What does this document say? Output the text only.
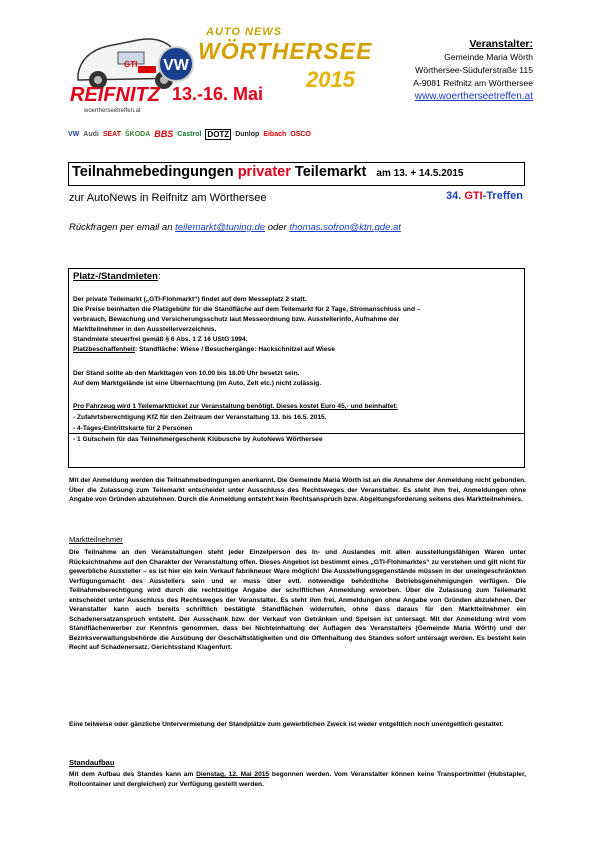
VW
GTI
AUTO NEWS
WÖRTHERSEE
2015
REIFNITZ 13.-16. Mai
woertherseetreffen.at
VW Audi SEAT ŠKODA BBS Castrol DOTZ Dunlop Eibach OSCO
Veranstalter:
Gemeinde Maria Wörth
Wörthersee-Süduferstraße 115
A-9081 Reifnitz am Wörthersee
www.woertherseetreffen.at
Teilnahmebedingungen privater Teilemarkt am 13. + 14.5.2015
zur AutoNews in Reifnitz am Wörthersee	34. GTI-Treffen
Rückfragen per email an teilemarkt@tuning.de oder thomas.sofron@ktn.gde.at
Platz-/Standmieten:
Der private Teilemarkt („GTI-Flohmarkt“) findet auf dem Messeplatz 2 statt.
Die Preise beinhalten die Platzgebühr für die Standfläche auf dem Teilemarkt für 2 Tage, Stromanschluss und –
verbrauch, Bewachung und Versicherungsschutz laut Messeordnung bzw. Ausstellerinfo, Aufnahme der
Marktteilnehmer in den Ausstellerverzeichnis.
Standmiete steuerfrei gemäß § 6 Abs. 1 Z 16 UStG 1994.
Platzbeschaffenheit: Standfläche: Wiese / Besuchergänge: Hackschnitzel auf Wiese
Der Stand sollte ab den Markttagen von 10.00 bis 18.00 Uhr besetzt sein.
Auf dem Marktgelände ist eine Übernachtung (im Auto, Zelt etc.) nicht zulässig.
Pro Fahrzeug wird 1 Teilemarktticket zur Veranstaltung benötigt. Dieses kostet Euro 45,- und beinhaltet:
- Zufahrtsberechtigung KfZ für den Zeitraum der Veranstaltung 13. bis 16.5. 2015.
- 4-Tages-Eintrittskarte für 2 Personen
- 1 Gutschein für das Teilnehmergeschenk Klübusche by AutoNews Wörthersee
Mit der Anmeldung werden die Teilnahmebedingungen anerkannt. Die Gemeinde Maria Wörth ist an die Annahme der Anmeldung nicht gebunden. Über die Zulassung zum Teilemarkt entscheidet unter Ausschluss des Rechtsweges der Veranstalter. Es steht ihm frei, Anmeldungen ohne Angabe von Gründen abzulehnen. Durch die Anmeldung entsteht kein Rechtsanspruch bzw. Abgeltungsforderung seitens des Marktteilnehmers.
Marktteilnehmer
Die Teilnahme an den Veranstaltungen steht jeder Einzelperson des In- und Auslandes mit allen ausstellungsfähigen Waren unter Rücksichtnahme auf den Charakter der Veranstaltung offen. Dieses Angebot ist bestimmt eines „GTI-Flohmarktes“ zu verstehen und gilt nicht für gewerbliche Aussteller – es ist hier ein kein Verkauf fabrikneuer Ware möglich! Die Ausstellungsgegenstände müssen in der uneingeschränkten Verfügungsmacht des Ausstellers sein und er muss über evtl. notwendige behördliche Betriebsgenehmigungen verfügen. Die Teilnahmeberechtigung wird durch die rechtzeitige Angabe der schriftlichen Anmeldung erworben. Über die Zulassung zum Teilemarkt entscheidet unter Ausschluss des Rechtsweges der Veranstalter. Es steht ihm frei, Anmeldungen ohne Angabe von Gründen abzulehnen. Der Veranstalter kann auch bereits schriftlich bestätigte Standflächen widerrufen, ohne dass daraus für den Marktteilnehmer ein Schadenersatzanspruch entsteht. Der Ausschank bzw. der Verkauf von Getränken und Speisen ist untersagt. Mit der Anmeldung wird vom Standflächenwerber zur Kenntnis genommen, dass bei Nichteinhaltung der Auflagen des Veranstalters (Gemeinde Maria Wörth) und der Bezirksverwaltungsbehörde die Ausübung der Geschäftstätigkeiten und die Offenhaltung des Standes sofort untersagt werden. Es besteht kein Recht auf Schadenersatz. Gerichtsstand Klagenfurt.
Eine teilweise oder gänzliche Untervermietung der Standplätze zum gewerblichen Zweck ist weder entgeltlich noch unentgeltlich gestattet.
Standaufbau
Mit dem Aufbau des Standes kann am Dienstag, 12. Mai 2015 begonnen werden. Vom Veranstalter können keine Transportmittel (Hubstapler, Rollcontainer und dergleichen) zur Verfügung gestellt werden.
